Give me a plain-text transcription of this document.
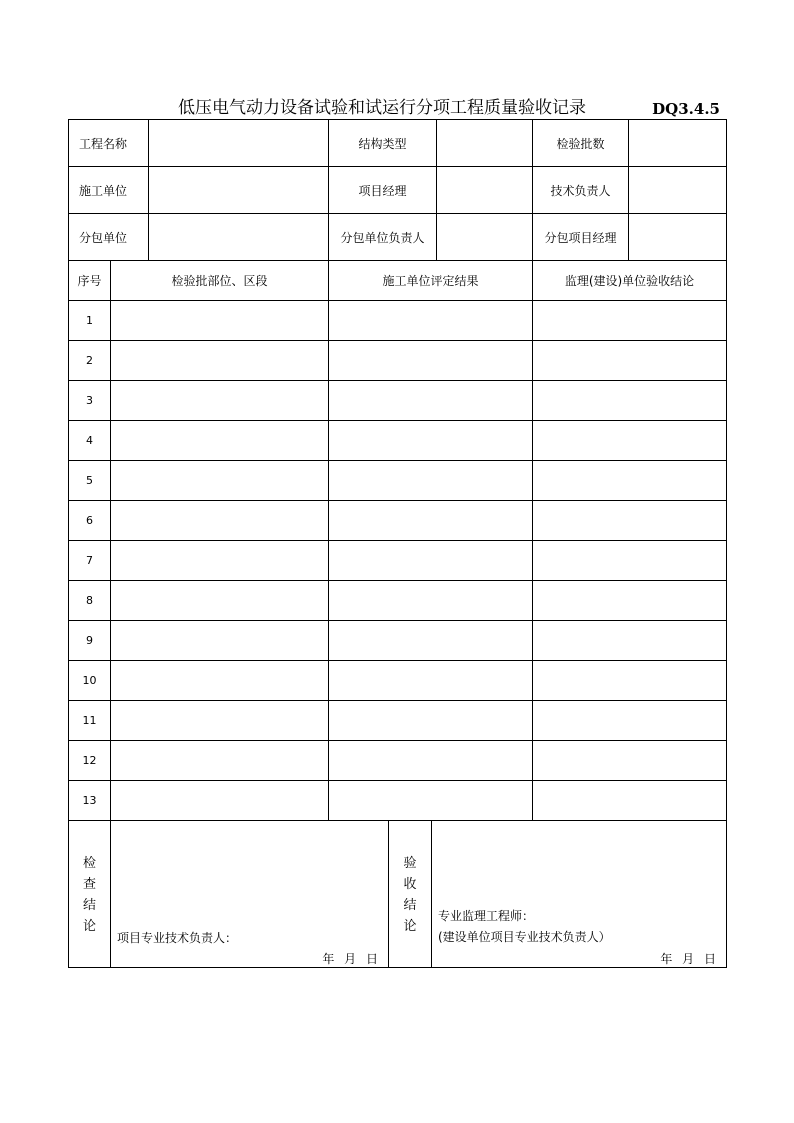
低压电气动力设备试验和试运行分项工程质量验收记录	DQ3.4.5
工程名称		结构类型		检验批数	
施工单位		项目经理		技术负责人	
分包单位		分包单位负责人		分包项目经理	
序号	检验批部位、区段	施工单位评定结果	监理(建设)单位验收结论
1			
2			
3			
4			
5			
6			
7			
8			
9			
10			
11			
12			
13			
检
查
结
论

项目专业技术负责人：
年 月 日

验
收
结
论

专业监理工程师：
(建设单位项目专业技术负责人）
年 月 日
